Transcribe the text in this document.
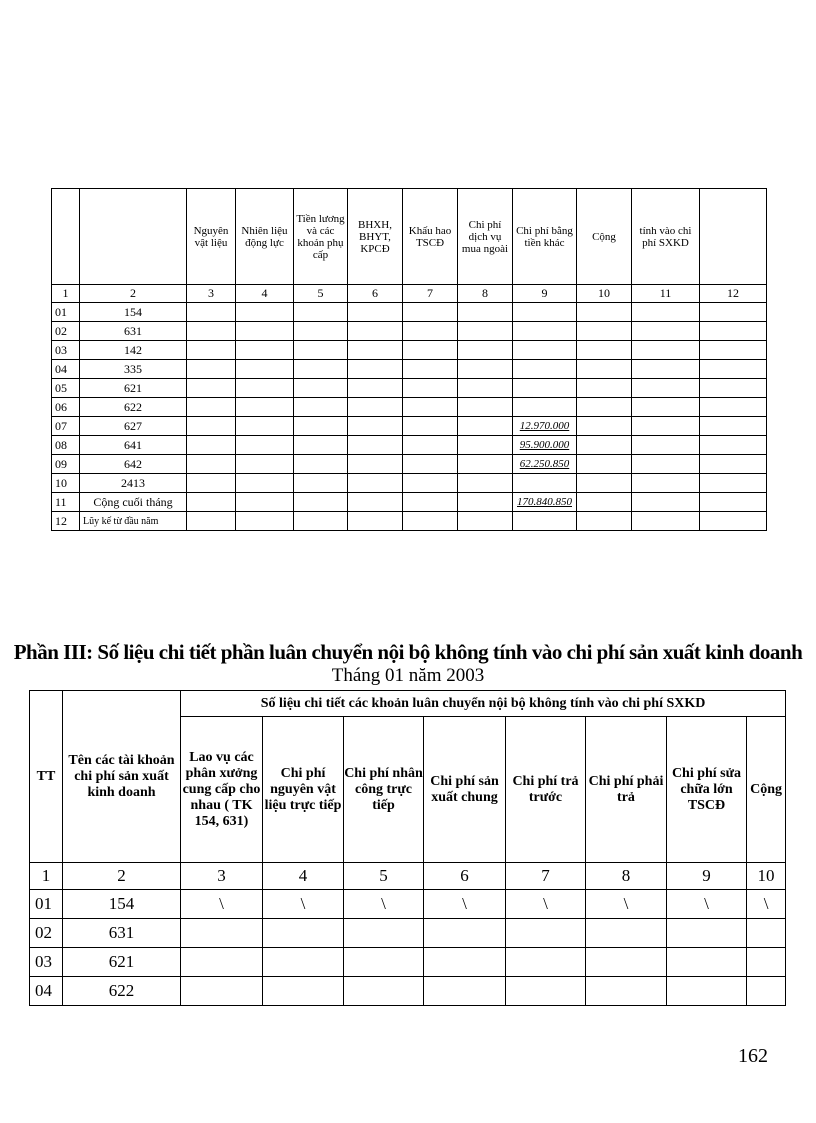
		Nguyên vật liệu	Nhiên liệu động lực	Tiền lương và các khoản phụ cấp	BHXH, BHYT, KPCĐ	Khấu hao TSCĐ	Chi phí dịch vụ mua ngoài	Chi phí bằng tiền khác	Cộng	tính vào chi phí SXKD	
1	2	3	4	5	6	7	8	9	10	11	12
01	154										
02	631										
03	142										
04	335										
05	621										
06	622										
07	627							12.970.000			
08	641							95.900.000			
09	642							62.250.850			
10	2413										
11	Cộng cuối tháng							170.840.850			
12	Lũy kế từ đầu năm										
Phần III: Số liệu chi tiết phần luân chuyển nội bộ không tính vào chi phí sản xuất kinh doanh
Tháng 01 năm 2003
TT	Tên các tài khoản chi phí sản xuất kinh doanh	Số liệu chi tiết các khoản luân chuyển nội bộ không tính vào chi phí SXKD							
		Lao vụ các phân xưởng cung cấp cho nhau ( TK 154, 631)	Chi phí nguyên vật liệu trực tiếp	Chi phí nhân công trực tiếp	Chi phí sản xuất chung	Chi phí trả trước	Chi phí phải trả	Chi phí sửa chữa lớn TSCĐ	Cộng
1	2	3	4	5	6	7	8	9	10
01	154	\	\	\	\	\	\	\	\
02	631								
03	621								
04	622								
162
